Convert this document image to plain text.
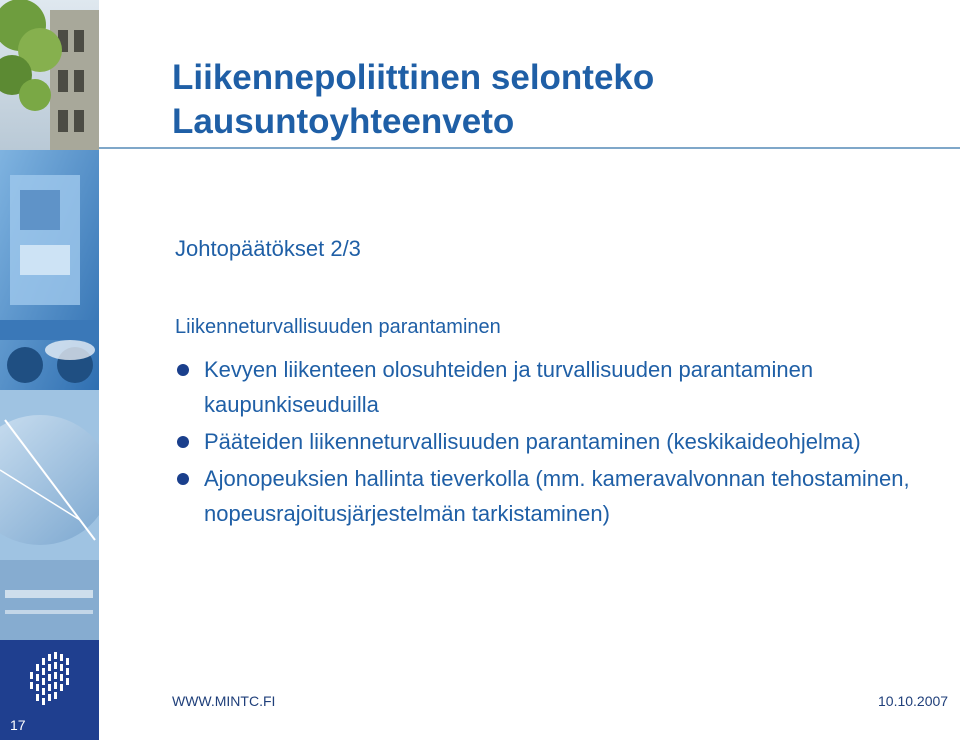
17
Liikennepoliittinen selonteko
Lausuntoyhteenveto
Johtopäätökset 2/3
Liikenneturvallisuuden parantaminen
Kevyen liikenteen olosuhteiden ja turvallisuuden parantaminen kaupunkiseuduilla
Pääteiden liikenneturvallisuuden parantaminen (keskikaideohjelma)
Ajonopeuksien hallinta tieverkolla (mm. kameravalvonnan tehostaminen, nopeusrajoitusjärjestelmän tarkistaminen)
WWW.MINTC.FI	10.10.2007
